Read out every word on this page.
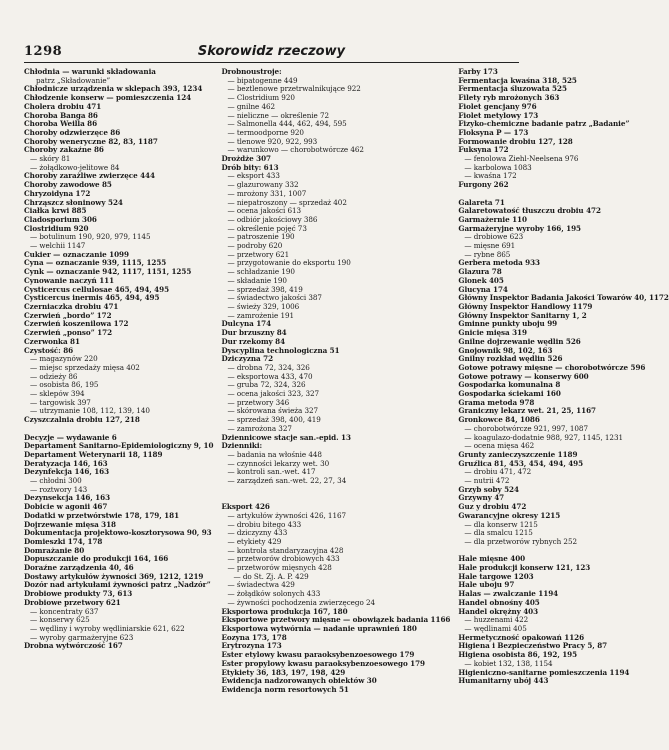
1298	Skorowidz rzeczowy
Chłodnia — warunki składowania
patrz „Składowanie”
Chłodnicze urządzenia w sklepach 393, 1234
Chłodzenie konserw — pomieszczenia 124
Cholera drobiu 471
Choroba Banga 86
Choroba Weilla 86
Choroby odzwierzęce 86
Choroby weneryczne 82, 83, 1187
Choroby zakaźne 86
— skóry 81
— żołądkowo-jelitowe 84
Choroby zarażliwe zwierzęce 444
Choroby zawodowe 85
Chryzoidyna 172
Chrząszcz słoninowy 524
Ciałka krwi 885
Cladosporium 306
Clostridium 920
— botulinum 190, 920, 979, 1145
— welchii 1147
Cukier — oznaczanie 1099
Cyna — oznaczanie 939, 1115, 1255
Cynk — oznaczanie 942, 1117, 1151, 1255
Cynowanie naczyń 111
Cysticercus cellulosae 465, 494, 495
Cysticercus inermis 465, 494, 495
Czerniaczka drobiu 471
Czerwień „bordo” 172
Czerwień koszenilowa 172
Czerwień „ponso” 172
Czerwonka 81
Czystość: 86
— magazynów 220
— miejsc sprzedaży mięsa 402
— odzieży 86
— osobista 86, 195
— sklepów 394
— targowisk 397
— utrzymanie 108, 112, 139, 140
Czyszczalnia drobiu 127, 218

Decyzje — wydawanie 6
Departament Sanitarno-Epidemiologiczny 9, 10
Departament Weterynarii 18, 1189
Deratyzacja 146, 163
Dezynfekcja 146, 163
— chłodni 300
— roztwory 143
Dezynsekcja 146, 163
Dobicie w agonii 467
Dodatki w przetwórstwie 178, 179, 181
Dojrzewanie mięsa 318
Dokumentacja projektowo-kosztorysowa 90, 93
Domieszki 174, 178
Domrażanie 80
Dopuszczanie do produkcji 164, 166
Doraźne zarządzenia 40, 46
Dostawy artykułów żywności 369, 1212, 1219
Dozór nad artykułami żywności patrz „Nadzór”
Drobiowe produkty 73, 613
Drobiowe przetwory 621
— koncentraty 637
— konserwy 625
— wędliny i wyroby wędliniarskie 621, 622
— wyroby garmażeryjne 623
Drobna wytwórczość 167
Drobnoustroje:
— bipatogenne 449
— beztlenowe przetrwalnikujące 922
— Clostridium 920
— gnilne 462
— nieliczne — określenie 72
— Salmonella 444, 462, 494, 595
— termoodporne 920
— tlenowe 920, 922, 993
— warunkowo — chorobotwórcze 462
Drożdże 307
Drób bity: 613
— eksport 433
— glazurowany 332
— mrożony 331, 1007
— niepatroszony — sprzedaż 402
— ocena jakości 613
— odbiór jakościowy 386
— określenie pojęć 73
— patroszenie 190
— podroby 620
— przetwory 621
— przygotowanie do eksportu 190
— schładzanie 190
— składanie 190
— sprzedaż 398, 419
— świadectwo jakości 387
— świeży 329, 1006
— zamrożenie 191
Dulcyna 174
Dur brzuszny 84
Dur rzekomy 84
Dyscyplina technologiczna 51
Dziczyzna 72
— drobna 72, 324, 326
— eksportowa 433, 470
— gruba 72, 324, 326
— ocena jakości 323, 327
— przetwory 346
— skórowana świeża 327
— sprzedaż 398, 400, 419
— zamrożona 327
Dziennicowe stacje san.-epid. 13
Dzienniki:
— badania na włośnie 448
— czynności lekarzy wet. 30
— kontroli san.-wet. 417
— zarządzeń san.-wet. 22, 27, 34

Eksport 426
— artykułów żywności 426, 1167
— drobiu bitego 433
— dziczyzny 433
— etykiety 429
— kontrola standaryzacyjna 428
— przetworów drobiowych 433
— przetworów mięsnych 428
— do St. Zj. A. P. 429
— świadectwa 429
— żołądków solonych 433
— żywności pochodzenia zwierzęcego 24
Eksportowa produkcja 167, 180
Eksportowe przetwory mięsne — obowiązek badania 1166
Eksportowa wytwórnia — nadanie uprawnień 180
Eozyna 173, 178
Erytrozyna 173
Ester etylowy kwasu paraoksybenzoesowego 179
Ester propylowy kwasu paraoksybenzoesowego 179
Etykiety 36, 183, 197, 198, 429
Ewidencja nadzorowanych obiektów 30
Ewidencja norm resortowych 51
Farby 173
Fermentacja kwaśna 318, 525
Fermentacja śluzowata 525
Filety ryb mrożonych 363
Fiolet gencjany 976
Fiolet metylowy 173
Fizyko-chemiczne badanie patrz „Badanie”
Floksyna P — 173
Formowanie drobiu 127, 128
Fuksyna 172
— fenolowa Ziehl-Neelsena 976
— karbolowa 1083
— kwaśna 172
Furgony 262

Galareta 71
Galaretowatość tłuszczu drobiu 472
Garmażernie 110
Garmażeryjne wyroby 166, 195
— drobiowe 623
— mięsne 691
— rybne 865
Gerbera metoda 933
Glazura 78
Glonek 405
Glucyna 174
Główny Inspektor Badania Jakości Towarów 40, 1172
Główny Inspektor Handlowy 1179
Główny Inspektor Sanitarny 1, 2
Gminne punkty uboju 99
Gnicie mięsa 319
Gnilne dojrzewanie wędlin 526
Gnojownik 98, 102, 163
Gnilny rozkład wędlin 526
Gotowe potrawy mięsne — chorobotwórcze 596
Gotowe potrawy — konserwy 600
Gospodarka komunalna 8
Gospodarka ściekami 160
Grama metoda 978
Graniczny lekarz wet. 21, 25, 1167
Gronkowce 84, 1086
— chorobotwórcze 921, 997, 1087
— koagulazo-dodatnie 988, 927, 1145, 1231
— ocena mięsa 462
Grunty zanieczyszczenie 1189
Gruźlica 81, 453, 454, 494, 495
— drobiu 471, 472
— nutrii 472
Grzyb soby 524
Grzywny 47
Guz y drobiu 472
Gwarancyjne okresy 1215
— dla konserw 1215
— dla smalcu 1215
— dla przetworów rybnych 252

Hale mięsne 400
Hale produkcji konserw 121, 123
Hale targowe 1203
Hale uboju 97
Halas — zwalczanie 1194
Handel obnośny 405
Handel okrężny 403
— huzzenami 422
— wędlinami 405
Hermetyczność opakowań 1126
Higiena i Bezpieczeństwo Pracy 5, 87
Higiena osobista 86, 192, 195
— kobiet 132, 138, 1154
Higieniczno-sanitarne pomieszczenia 1194
Humanitarny ubój 443
